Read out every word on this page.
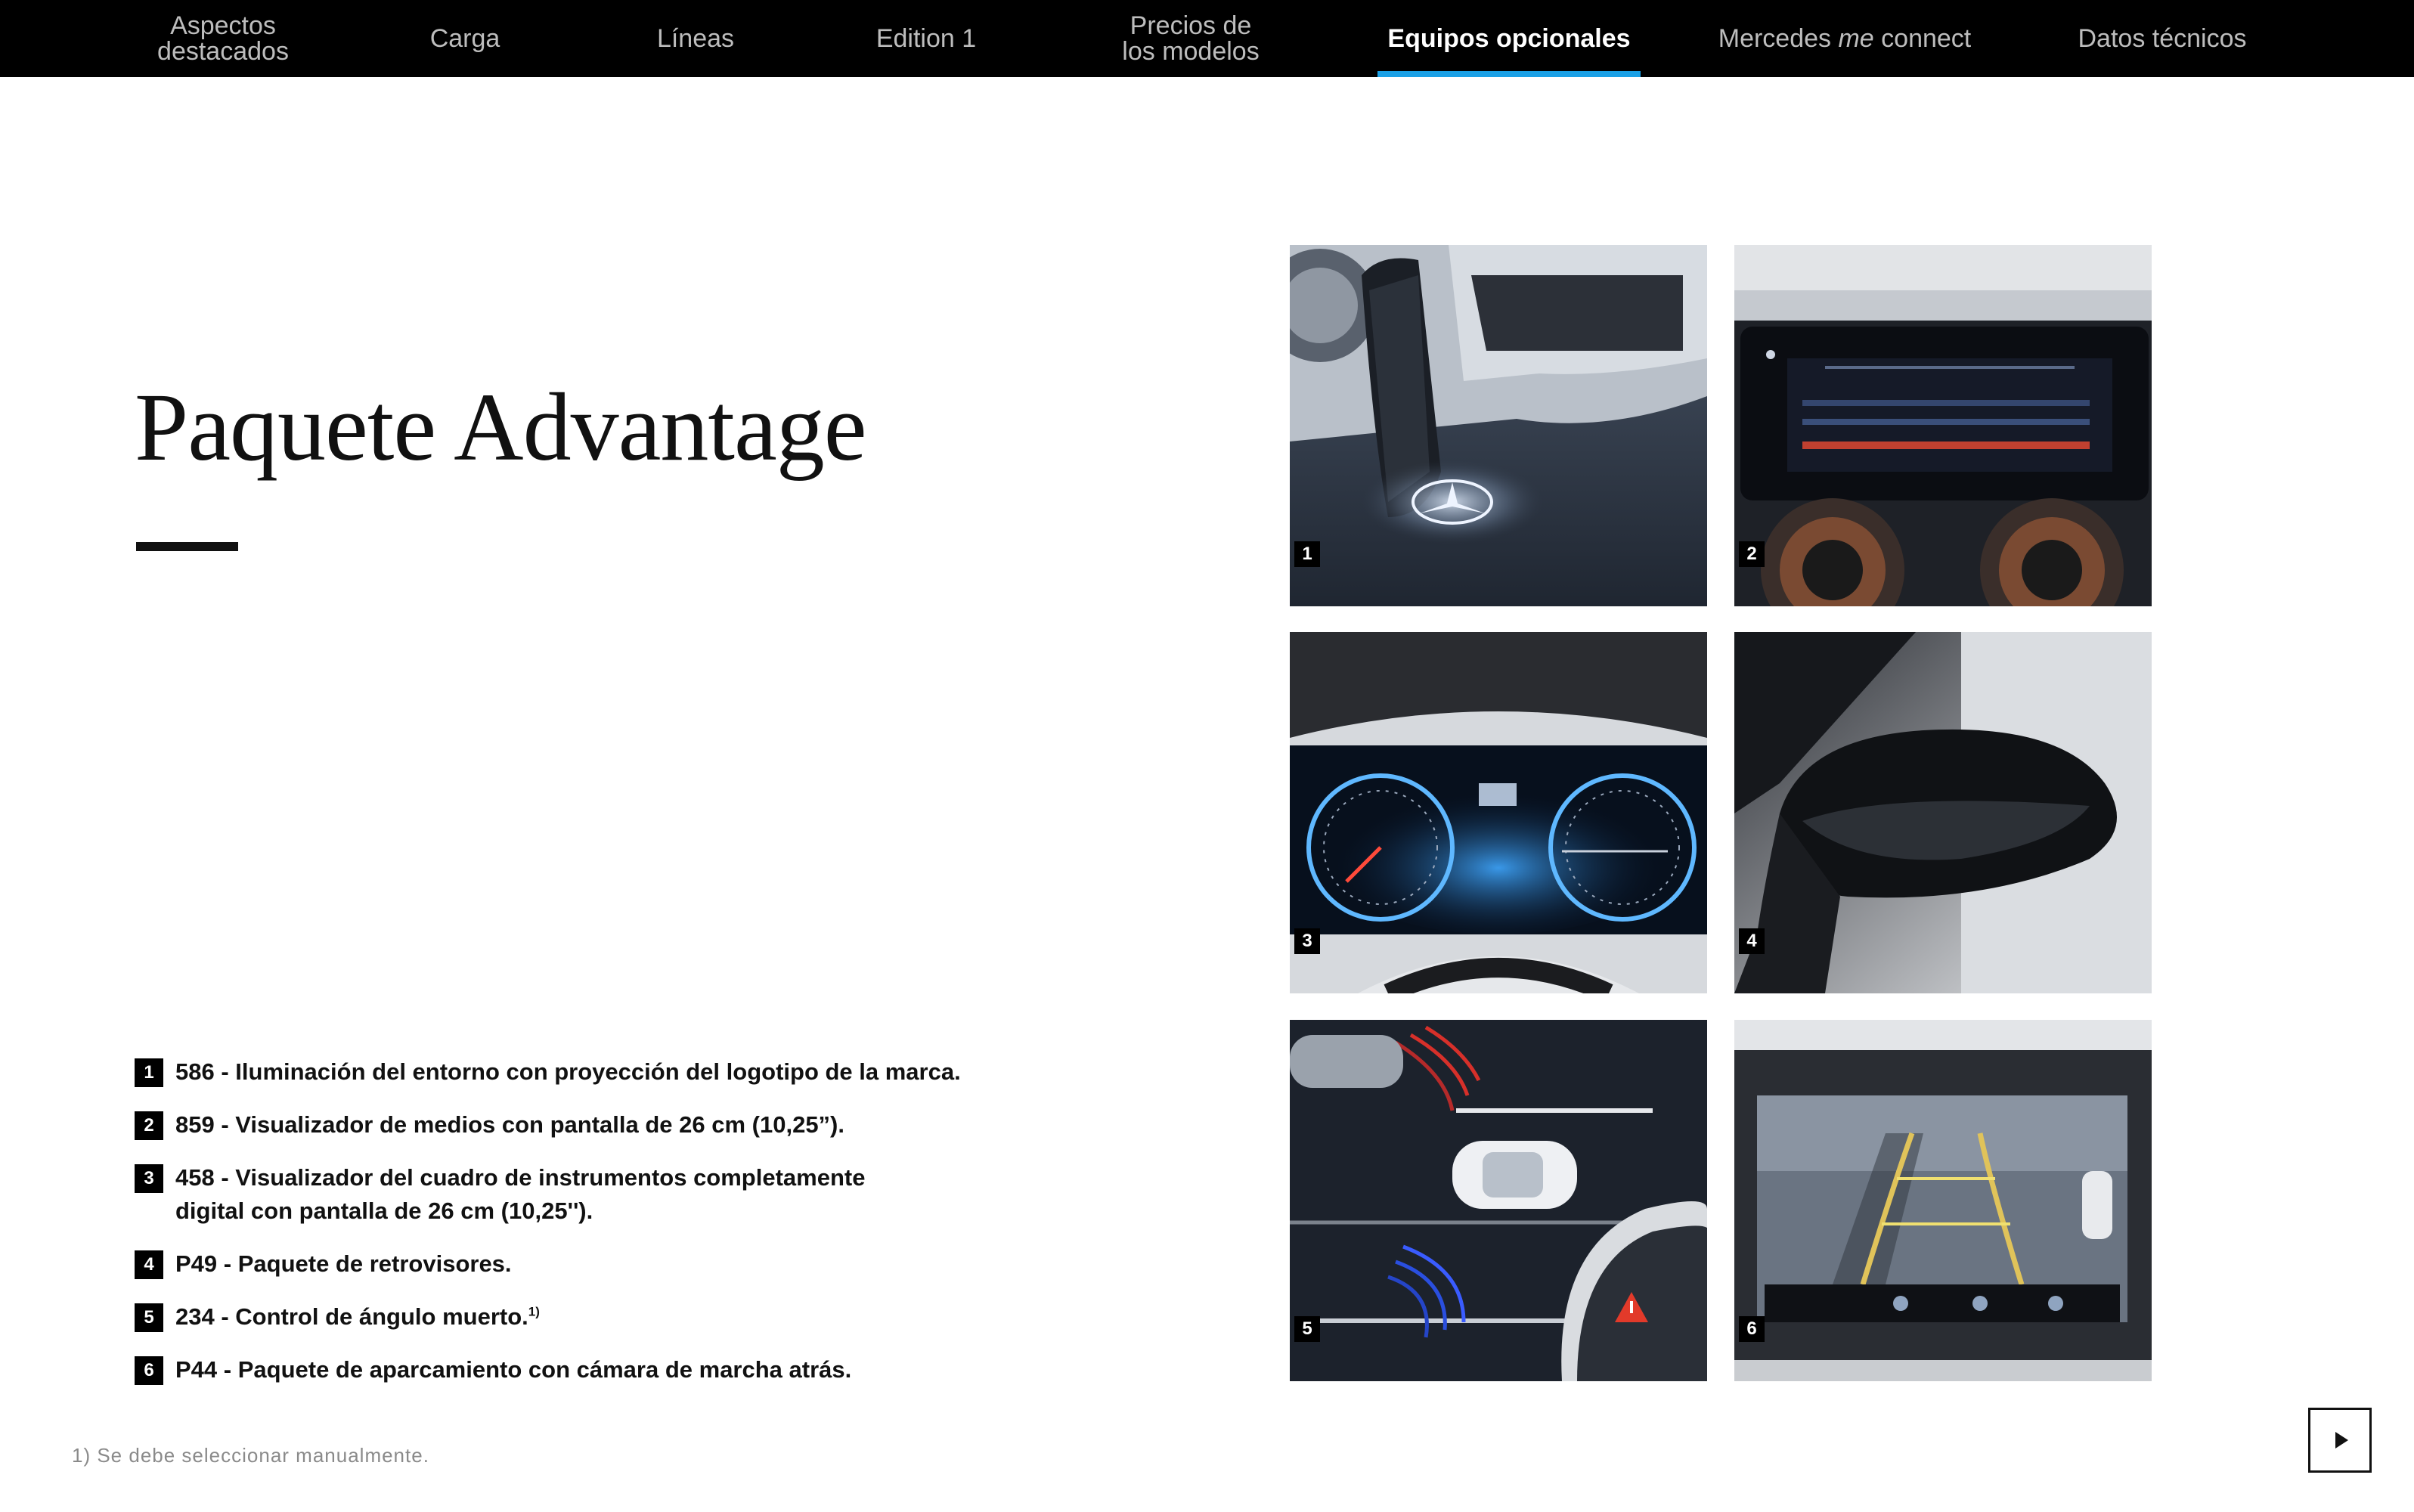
Aspectos
destacados	Carga	Líneas	Edition 1	Precios de
los modelos	Equipos opcionales	Mercedes me connect	Datos técnicos
Paquete Advantage
1 586 - Iluminación del entorno con proyección del logotipo de la marca.
2 859 - Visualizador de medios con pantalla de 26 cm (10,25”).
3 458 - Visualizador del cuadro de instrumentos completamente digital con pantalla de 26 cm (10,25'').
4 P49 - Paquete de retrovisores.
5 234 - Control de ángulo muerto.$^{1)}$
6 P44 - Paquete de aparcamiento con cámara de marcha atrás.
1) Se debe seleccionar manualmente.
1	2
3	4
5	6
